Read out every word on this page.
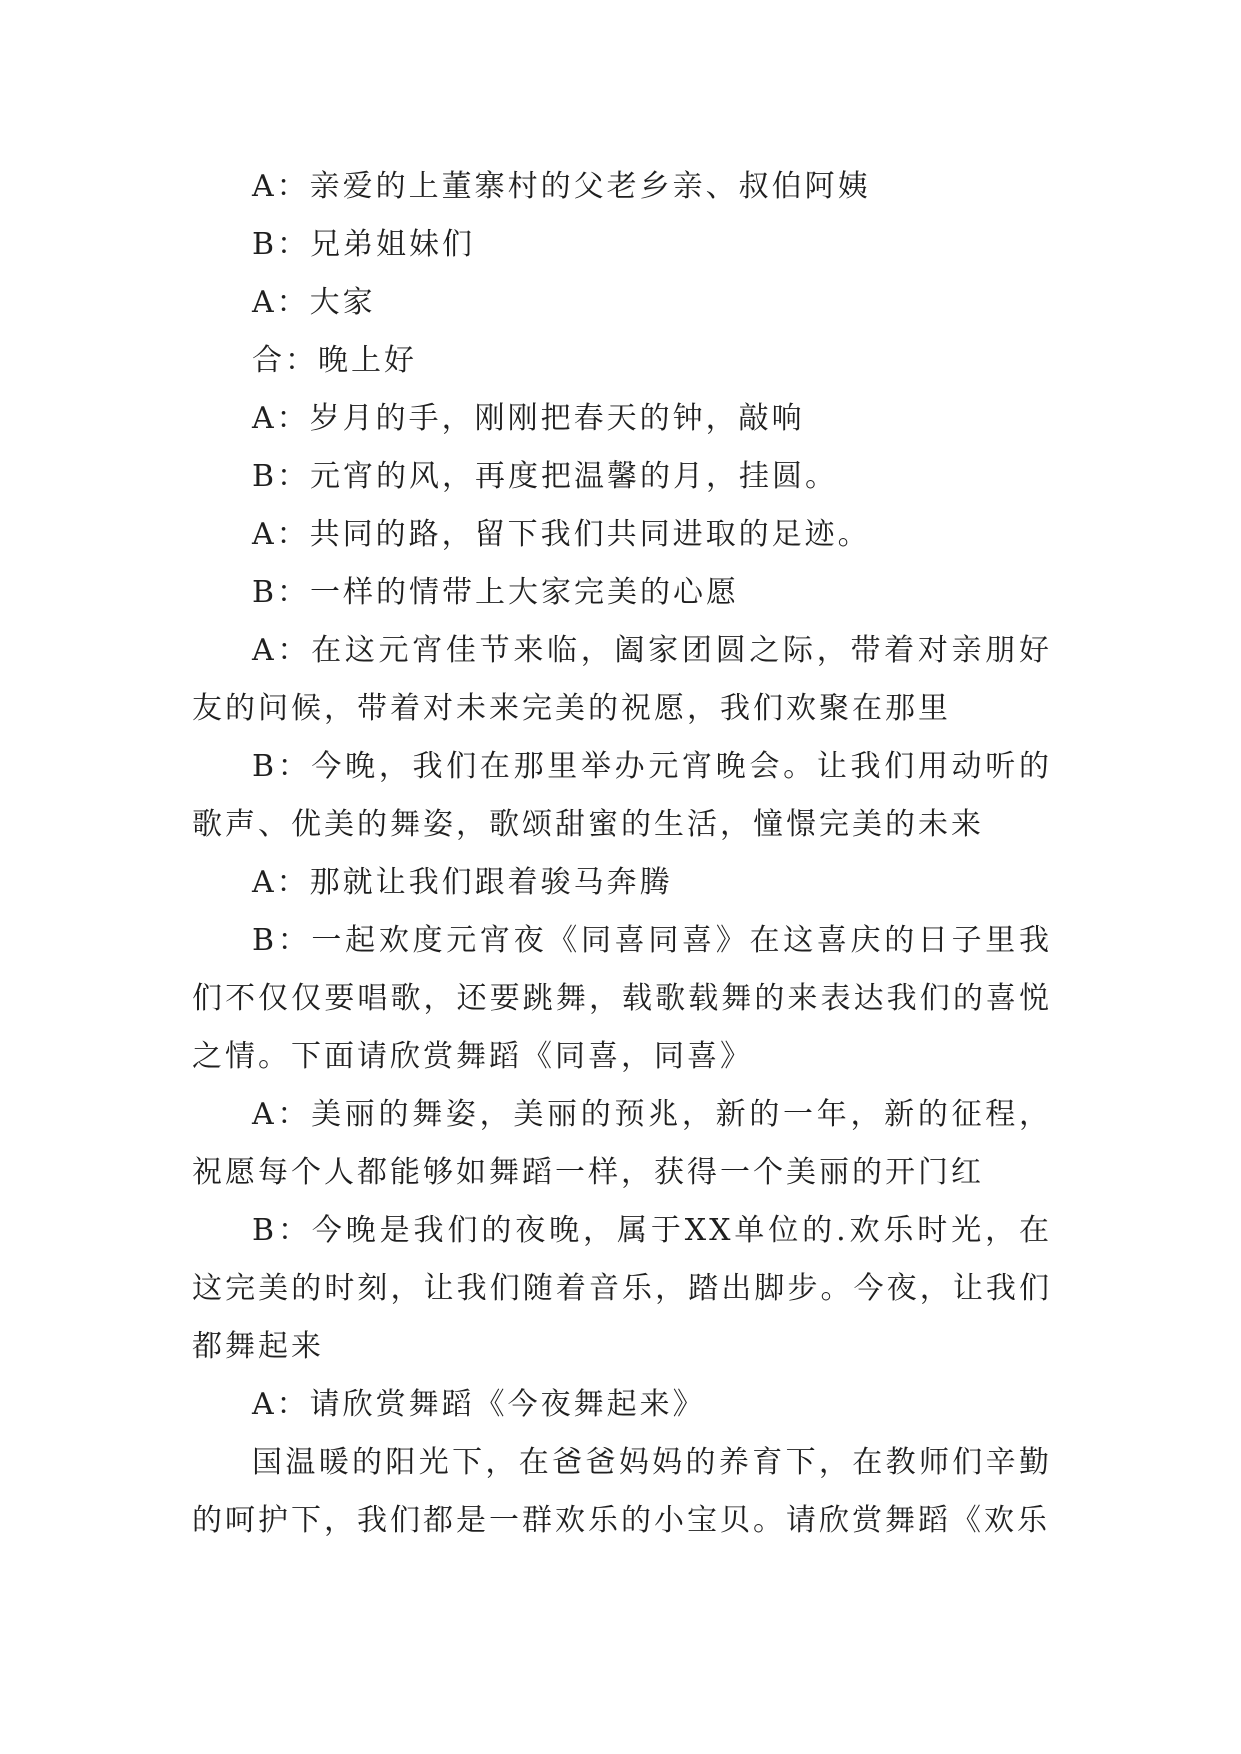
A：亲爱的上董寨村的父老乡亲、叔伯阿姨

B：兄弟姐妹们

A：大家

合：晚上好

A：岁月的手，刚刚把春天的钟，敲响

B：元宵的风，再度把温馨的月，挂圆。

A：共同的路，留下我们共同进取的足迹。

B：一样的情带上大家完美的心愿

A：在这元宵佳节来临，阖家团圆之际，带着对亲朋好友的问候，带着对未来完美的祝愿，我们欢聚在那里

B：今晚，我们在那里举办元宵晚会。让我们用动听的歌声、优美的舞姿，歌颂甜蜜的生活，憧憬完美的未来

A：那就让我们跟着骏马奔腾

B：一起欢度元宵夜《同喜同喜》在这喜庆的日子里我们不仅仅要唱歌，还要跳舞，载歌载舞的来表达我们的喜悦之情。下面请欣赏舞蹈《同喜，同喜》

A：美丽的舞姿，美丽的预兆，新的一年，新的征程，祝愿每个人都能够如舞蹈一样，获得一个美丽的开门红

B：今晚是我们的夜晚，属于XX单位的.欢乐时光，在这完美的时刻，让我们随着音乐，踏出脚步。今夜，让我们都舞起来

A：请欣赏舞蹈《今夜舞起来》

国温暖的阳光下，在爸爸妈妈的养育下，在教师们辛勤的呵护下，我们都是一群欢乐的小宝贝。请欣赏舞蹈《欢乐
